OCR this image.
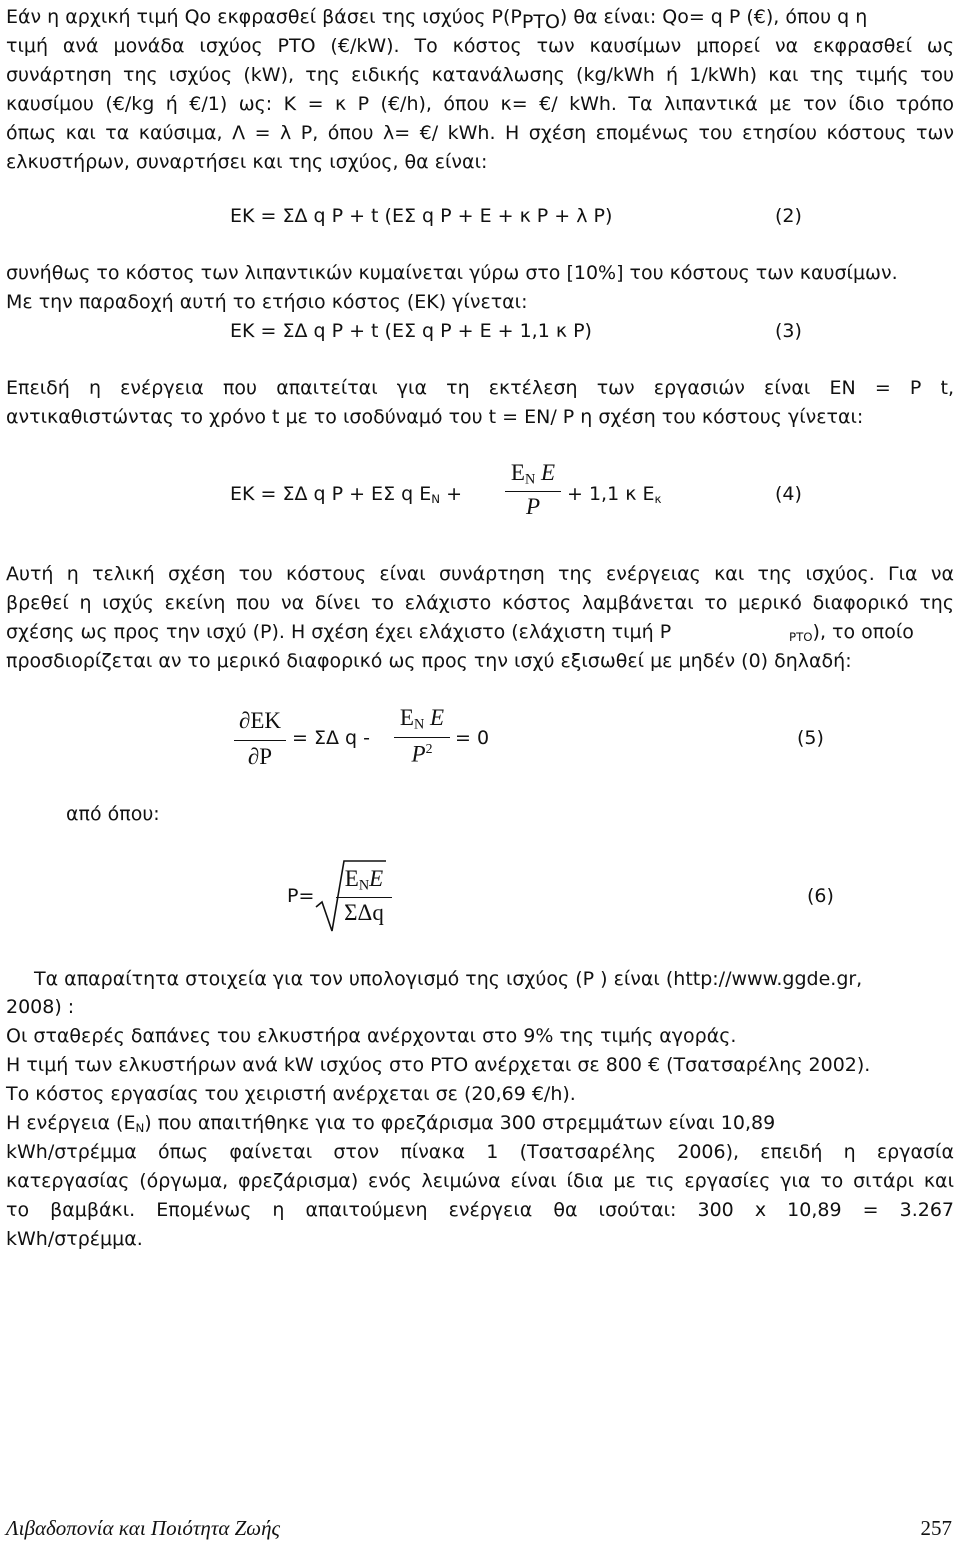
Εάν η αρχική τιμή Qo εκφρασθεί βάσει της ισχύος $P(P_{PTO})$ θα είναι: Qo= q P (€), όπου q η
τιμή ανά μονάδα ισχύος PTO (€/kW). Το κόστος των καυσίμων μπορεί να εκφρασθεί ως
συνάρτηση της ισχύος (kW), της ειδικής κατανάλωσης (kg/kWh ή 1/kWh) και της τιμής του
καυσίμου (€/kg ή €/1) ως: Κ = κ P (€/h), όπου κ= €/ kWh. Τα λιπαντικά με τον ίδιο τρόπο
όπως και τα καύσιμα, Λ = λ P, όπου λ= €/ kWh. Η σχέση επομένως του ετησίου κόστους των
ελκυστήρων, συναρτήσει και της ισχύος, θα είναι:
ΕΚ = ΣΔ q P + t (ΕΣ q P + E + κ P + λ P)	(2)
συνήθως το κόστος των λιπαντικών κυμαίνεται γύρω στο [10%] του κόστους των καυσίμων.
Με την παραδοχή αυτή το ετήσιο κόστος (ΕΚ) γίνεται:
ΕΚ = ΣΔ q P + t (ΕΣ q P + E + 1,1 κ P)	(3)
Επειδή η ενέργεια που απαιτείται για τη εκτέλεση των εργασιών είναι ΕΝ = P t,
αντικαθιστώντας το χρόνο t με το ισοδύναμό του t = ΕΝ/ P η σχέση του κόστους γίνεται:
ΕΚ = ΣΔ q P + ΕΣ q $E_N$ +
$E_N$ E
P	+ 1,1 κ $E_\kappa$	(4)
Αυτή η τελική σχέση του κόστους είναι συνάρτηση της ενέργειας και της ισχύος. Για να
βρεθεί η ισχύς εκείνη που να δίνει το ελάχιστο κόστος λαμβάνεται το μερικό διαφορικό της
σχέσης ως προς την ισχύ (P). Η σχέση έχει ελάχιστο (ελάχιστη τιμή P	$_{PTO}$), το οποίο
προσδιορίζεται αν το μερικό διαφορικό ως προς την ισχύ εξισωθεί με μηδέν (0) δηλαδή:
∂ΕΚ
∂P
= ΣΔ q -
$E_N$ E
$P^2$	= 0	(5)
από όπου:
P=
$E_NE$
ΣΔq
(6)
Τα απαραίτητα στοιχεία για τον υπολογισμό της ισχύος (P ) είναι (http://www.ggde.gr,
2008) :
Οι σταθερές δαπάνες του ελκυστήρα ανέρχονται στο 9% της τιμής αγοράς.
Η τιμή των ελκυστήρων ανά kW ισχύος στο PTO ανέρχεται σε 800 € (Τσατσαρέλης 2002).
Το κόστος εργασίας του χειριστή ανέρχεται σε (20,69 €/h).
Η ενέργεια $(E_N)$ που απαιτήθηκε για το φρεζάρισμα 300 στρεμμάτων είναι 10,89
kWh/στρέμμα όπως φαίνεται στον πίνακα 1 (Τσατσαρέλης 2006), επειδή η εργασία
κατεργασίας (όργωμα, φρεζάρισμα) ενός λειμώνα είναι ίδια με τις εργασίες για το σιτάρι και
το βαμβάκι. Επομένως η απαιτούμενη ενέργεια θα ισούται: 300 x 10,89 = 3.267
kWh/στρέμμα.
Λιβαδοπονία και Ποιότητα Ζωής	257
